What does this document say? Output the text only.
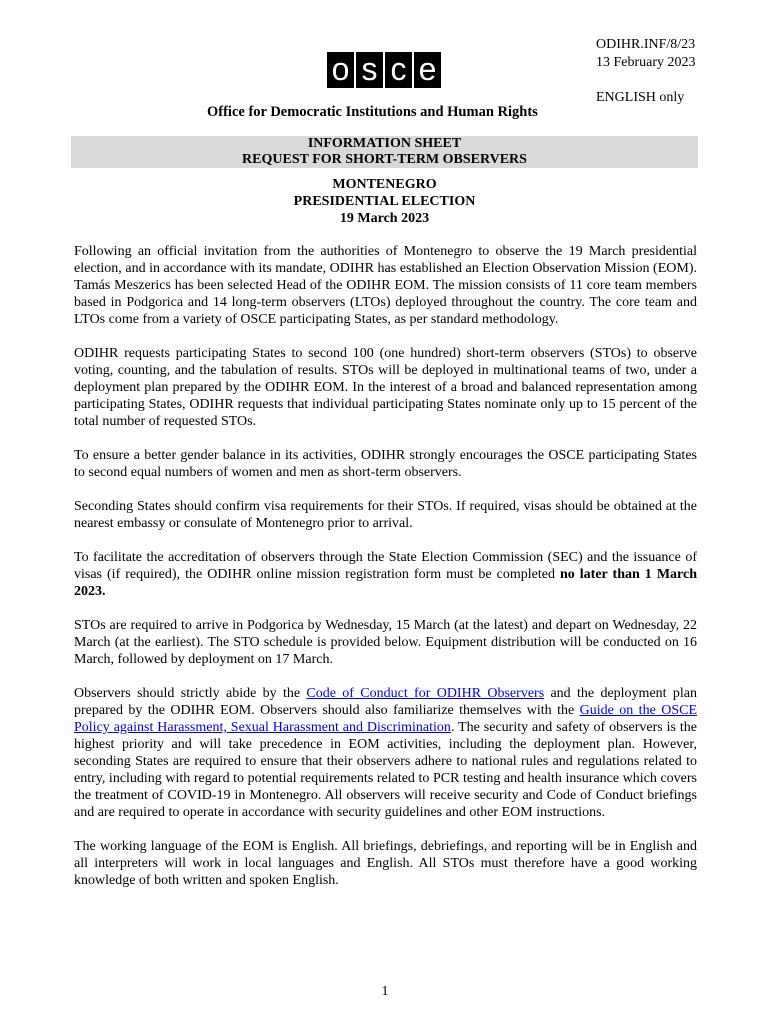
o s c e
ODIHR.INF/8/23
13 February 2023
ENGLISH only
Office for Democratic Institutions and Human Rights
INFORMATION SHEET
REQUEST FOR SHORT-TERM OBSERVERS
MONTENEGRO
PRESIDENTIAL ELECTION
19 March 2023

Following an official invitation from the authorities of Montenegro to observe the 19 March presidential election, and in accordance with its mandate, ODIHR has established an Election Observation Mission (EOM). Tamás Meszerics has been selected Head of the ODIHR EOM. The mission consists of 11 core team members based in Podgorica and 14 long-term observers (LTOs) deployed throughout the country. The core team and LTOs come from a variety of OSCE participating States, as per standard methodology.

ODIHR requests participating States to second 100 (one hundred) short-term observers (STOs) to observe voting, counting, and the tabulation of results. STOs will be deployed in multinational teams of two, under a deployment plan prepared by the ODIHR EOM. In the interest of a broad and balanced representation among participating States, ODIHR requests that individual participating States nominate only up to 15 percent of the total number of requested STOs.

To ensure a better gender balance in its activities, ODIHR strongly encourages the OSCE participating States to second equal numbers of women and men as short-term observers.

Seconding States should confirm visa requirements for their STOs. If required, visas should be obtained at the nearest embassy or consulate of Montenegro prior to arrival.

To facilitate the accreditation of observers through the State Election Commission (SEC) and the issuance of visas (if required), the ODIHR online mission registration form must be completed no later than 1 March 2023.

STOs are required to arrive in Podgorica by Wednesday, 15 March (at the latest) and depart on Wednesday, 22 March (at the earliest). The STO schedule is provided below. Equipment distribution will be conducted on 16 March, followed by deployment on 17 March.

Observers should strictly abide by the Code of Conduct for ODIHR Observers and the deployment plan prepared by the ODIHR EOM. Observers should also familiarize themselves with the Guide on the OSCE Policy against Harassment, Sexual Harassment and Discrimination. The security and safety of observers is the highest priority and will take precedence in EOM activities, including the deployment plan. However, seconding States are required to ensure that their observers adhere to national rules and regulations related to entry, including with regard to potential requirements related to PCR testing and health insurance which covers the treatment of COVID-19 in Montenegro. All observers will receive security and Code of Conduct briefings and are required to operate in accordance with security guidelines and other EOM instructions.

The working language of the EOM is English. All briefings, debriefings, and reporting will be in English and all interpreters will work in local languages and English. All STOs must therefore have a good working knowledge of both written and spoken English.

1
